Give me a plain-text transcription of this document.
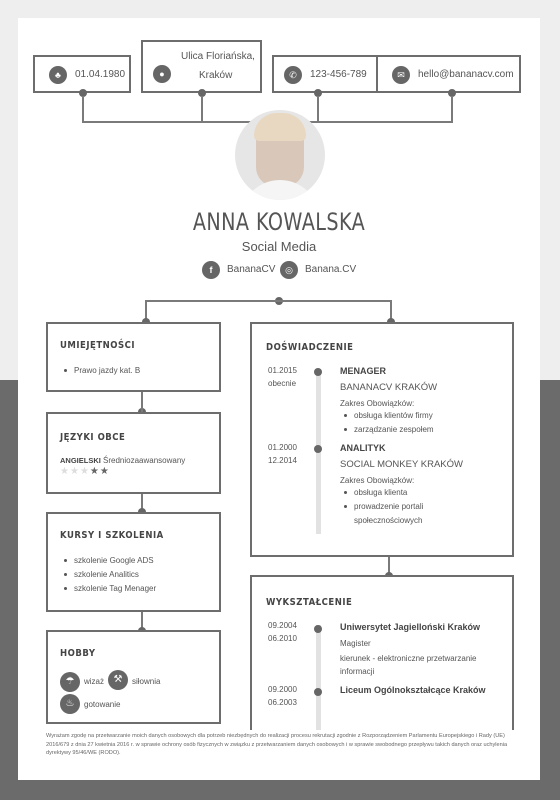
♣	01.04.1980	●
Ulica Floriańska,
Kraków	✆	123-456-789	✉	hello@bananacv.com
ANNA KOWALSKA
Social Media
f	BananaCV	◎	Banana.CV
UMIEJĘTNOŚCI
Prawo jazdy kat. B
JĘZYKI OBCE
ANGIELSKI Średniozaawansowany
★★★★★
KURSY I SZKOLENIA
szkolenie Google ADS
szkolenie Analitics
szkolenie Tag Menager
HOBBY
☂	wizaż ⚒	siłownia
♨	gotowanie
DOŚWIADCZENIE
01.2015
obecnie
MENAGER
BANANACV KRAKÓW
Zakres Obowiązków:
obsługa klientów firmy
zarządzanie zespołem
01.2000
12.2014
ANALITYK
SOCIAL MONKEY KRAKÓW
Zakres Obowiązków:
obsługa klienta
prowadzenie portali społecznościowych
WYKSZTAŁCENIE
09.2004
06.2010
Uniwersytet Jagielloński Kraków
Magister
kierunek - elektroniczne przetwarzanie informacji
09.2000
06.2003
Liceum Ogólnokształcące Kraków
Wyrażam zgodę na przetwarzanie moich danych osobowych dla potrzeb niezbędnych do realizacji procesu rekrutacji zgodnie z Rozporządzeniem Parlamentu Europejskiego i Rady (UE) 2016/679 z dnia 27 kwietnia 2016 r. w sprawie ochrony osób fizycznych w związku z przetwarzaniem danych osobowych i w sprawie swobodnego przepływu takich danych oraz uchylenia dyrektywy 95/46/WE (RODO).
